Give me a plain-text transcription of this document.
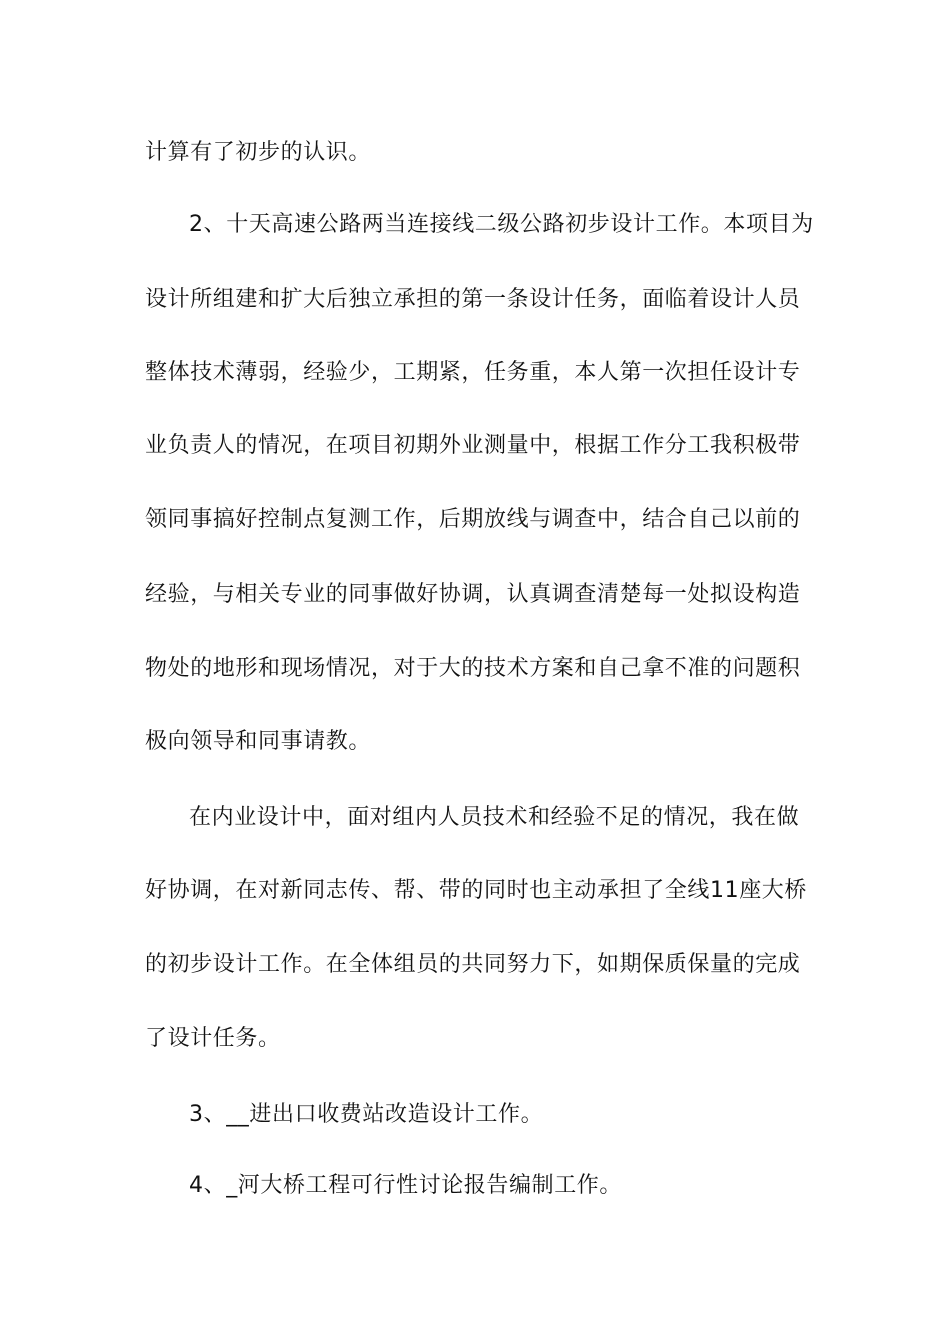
计算有了初步的认识。
2、十天高速公路两当连接线二级公路初步设计工作。本项目为
设计所组建和扩大后独立承担的第一条设计任务，面临着设计人员
整体技术薄弱，经验少，工期紧，任务重，本人第一次担任设计专
业负责人的情况，在项目初期外业测量中，根据工作分工我积极带
领同事搞好控制点复测工作，后期放线与调查中，结合自己以前的
经验，与相关专业的同事做好协调，认真调查清楚每一处拟设构造
物处的地形和现场情况，对于大的技术方案和自己拿不准的问题积
极向领导和同事请教。
在内业设计中，面对组内人员技术和经验不足的情况，我在做
好协调，在对新同志传、帮、带的同时也主动承担了全线11座大桥
的初步设计工作。在全体组员的共同努力下，如期保质保量的完成
了设计任务。
3、__进出口收费站改造设计工作。
4、_河大桥工程可行性讨论报告编制工作。
